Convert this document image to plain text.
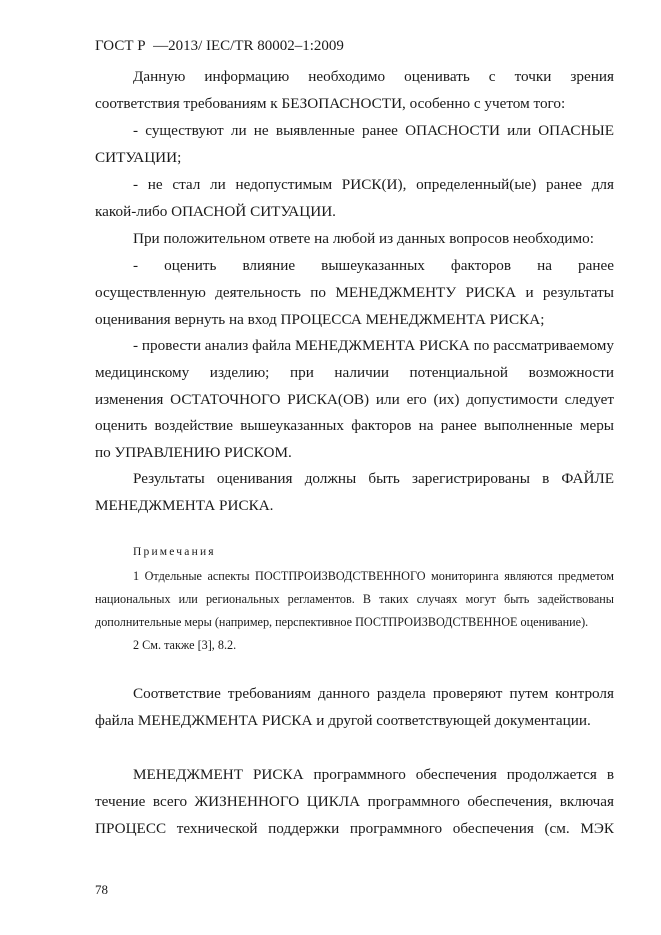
ГОСТ Р  —2013/ IEC/TR 80002–1:2009
Данную информацию необходимо оценивать с точки зрения
соответствия требованиям к БЕЗОПАСНОСТИ, особенно с учетом того:
- существуют ли не выявленные ранее ОПАСНОСТИ или ОПАСНЫЕ
СИТУАЦИИ;
- не стал ли недопустимым РИСК(И), определенный(ые) ранее для
какой-либо ОПАСНОЙ СИТУАЦИИ.
При положительном ответе на любой из данных вопросов необходимо:
- оценить влияние вышеуказанных факторов на ранее
осуществленную деятельность по МЕНЕДЖМЕНТУ РИСКА и результаты
оценивания вернуть на вход ПРОЦЕССА МЕНЕДЖМЕНТА РИСКА;
- провести анализ файла МЕНЕДЖМЕНТА РИСКА по рассматриваемому
медицинскому изделию; при наличии потенциальной возможности
изменения ОСТАТОЧНОГО РИСКА(ОВ) или его (их) допустимости следует
оценить воздействие вышеуказанных факторов на ранее выполненные меры
по УПРАВЛЕНИЮ РИСКОМ.
Результаты оценивания должны быть зарегистрированы в ФАЙЛЕ
МЕНЕДЖМЕНТА РИСКА.
Примечания
1 Отдельные аспекты ПОСТПРОИЗВОДСТВЕННОГО мониторинга являются предметом
национальных или региональных регламентов. В таких случаях могут быть задействованы
дополнительные меры (например, перспективное ПОСТПРОИЗВОДСТВЕННОЕ оценивание).
2 См. также [3], 8.2.
Соответствие требованиям данного раздела проверяют путем контроля
файла МЕНЕДЖМЕНТА РИСКА и другой соответствующей документации.
МЕНЕДЖМЕНТ РИСКА программного обеспечения продолжается в
течение всего ЖИЗНЕННОГО ЦИКЛА программного обеспечения, включая
ПРОЦЕСС технической поддержки программного обеспечения (см. МЭК
78
